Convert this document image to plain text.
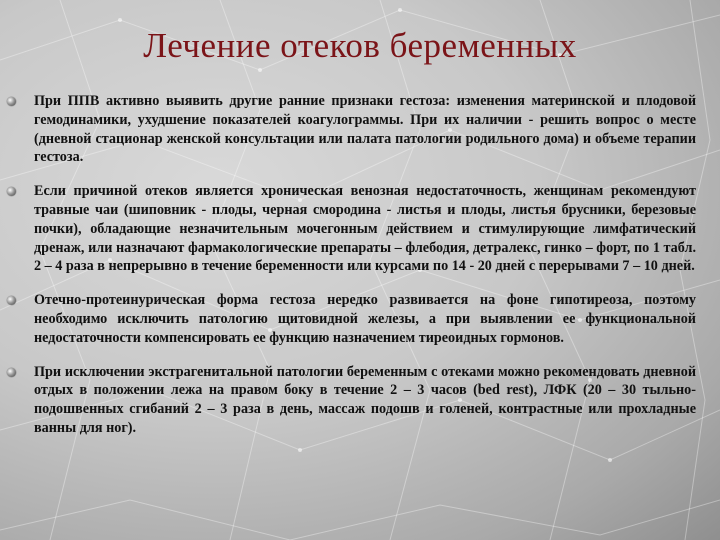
Лечение отеков беременных
При ППВ активно выявить другие ранние признаки гестоза: изменения материнской и плодовой гемодинамики, ухудшение показателей коагулограммы. При их наличии - решить вопрос о месте (дневной стационар женской консультации или палата патологии родильного дома) и объеме терапии гестоза.
Если причиной отеков является хроническая венозная недостаточность, женщинам рекомендуют травные чаи (шиповник - плоды, черная смородина - листья и плоды, листья брусники, березовые почки), обладающие незначительным мочегонным действием и стимулирующие лимфатический дренаж, или назначают фармакологические препараты – флебодия, детралекс, гинко – форт, по 1 табл. 2 – 4 раза в непрерывно в течение беременности или курсами по 14 - 20 дней с перерывами 7 – 10 дней.
Отечно-протеинурическая форма гестоза нередко развивается на фоне гипотиреоза, поэтому необходимо исключить патологию щитовидной железы, а при выявлении ее функциональной недостаточности компенсировать ее функцию назначением тиреоидных гормонов.
При исключении экстрагенитальной патологии беременным с отеками можно рекомендовать дневной отдых в положении лежа на правом боку в течение 2 – 3 часов (bed rest), ЛФК (20 – 30 тыльно-подошвенных сгибаний 2 – 3 раза в день, массаж подошв и голеней, контрастные или прохладные ванны для ног).
